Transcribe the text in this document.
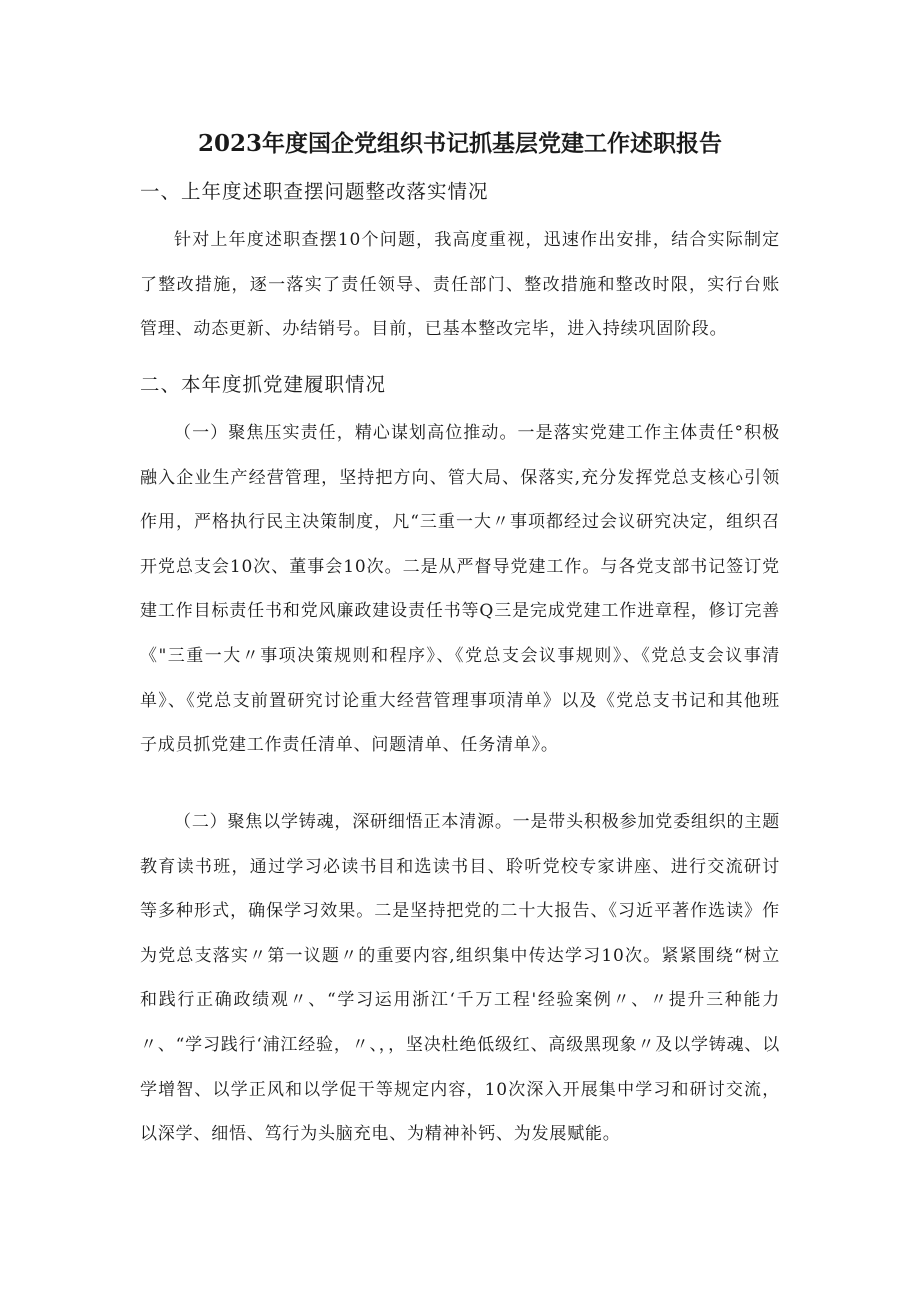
2023年度国企党组织书记抓基层党建工作述职报告
一、上年度述职查摆问题整改落实情况

针对上年度述职查摆10个问题，我高度重视，迅速作出安排，结合实际制定了整改措施，逐一落实了责任领导、责任部门、整改措施和整改时限，实行台账管理、动态更新、办结销号。目前，已基本整改完毕，进入持续巩固阶段。

二、本年度抓党建履职情况

（一）聚焦压实责任，精心谋划高位推动。一是落实党建工作主体责任°积极融入企业生产经营管理，坚持把方向、管大局、保落实,充分发挥党总支核心引领作用，严格执行民主决策制度，凡“三重一大〃事项都经过会议研究决定，组织召开党总支会10次、董事会10次。二是从严督导党建工作。与各党支部书记签订党建工作目标责任书和党风廉政建设责任书等Q三是完成党建工作进章程，修订完善《"三重一大〃事项决策规则和程序》、《党总支会议事规则》、《党总支会议事清单》、《党总支前置研究讨论重大经营管理事项清单》以及《党总支书记和其他班子成员抓党建工作责任清单、问题清单、任务清单》。

（二）聚焦以学铸魂，深研细悟正本清源。一是带头积极参加党委组织的主题教育读书班，通过学习必读书目和选读书目、聆听党校专家讲座、进行交流研讨等多种形式，确保学习效果。二是坚持把党的二十大报告、《习近平著作选读》作为党总支落实〃第一议题〃的重要内容,组织集中传达学习10次。紧紧围绕“树立和践行正确政绩观〃、“学习运用浙江‘千万工程'经验案例〃、〃提升三种能力〃、“学习践行‘浦江经验，〃、，，坚决杜绝低级红、高级黑现象〃及以学铸魂、以学增智、以学正风和以学促干等规定内容，10次深入开展集中学习和研讨交流，以深学、细悟、笃行为头脑充电、为精神补钙、为发展赋能。
